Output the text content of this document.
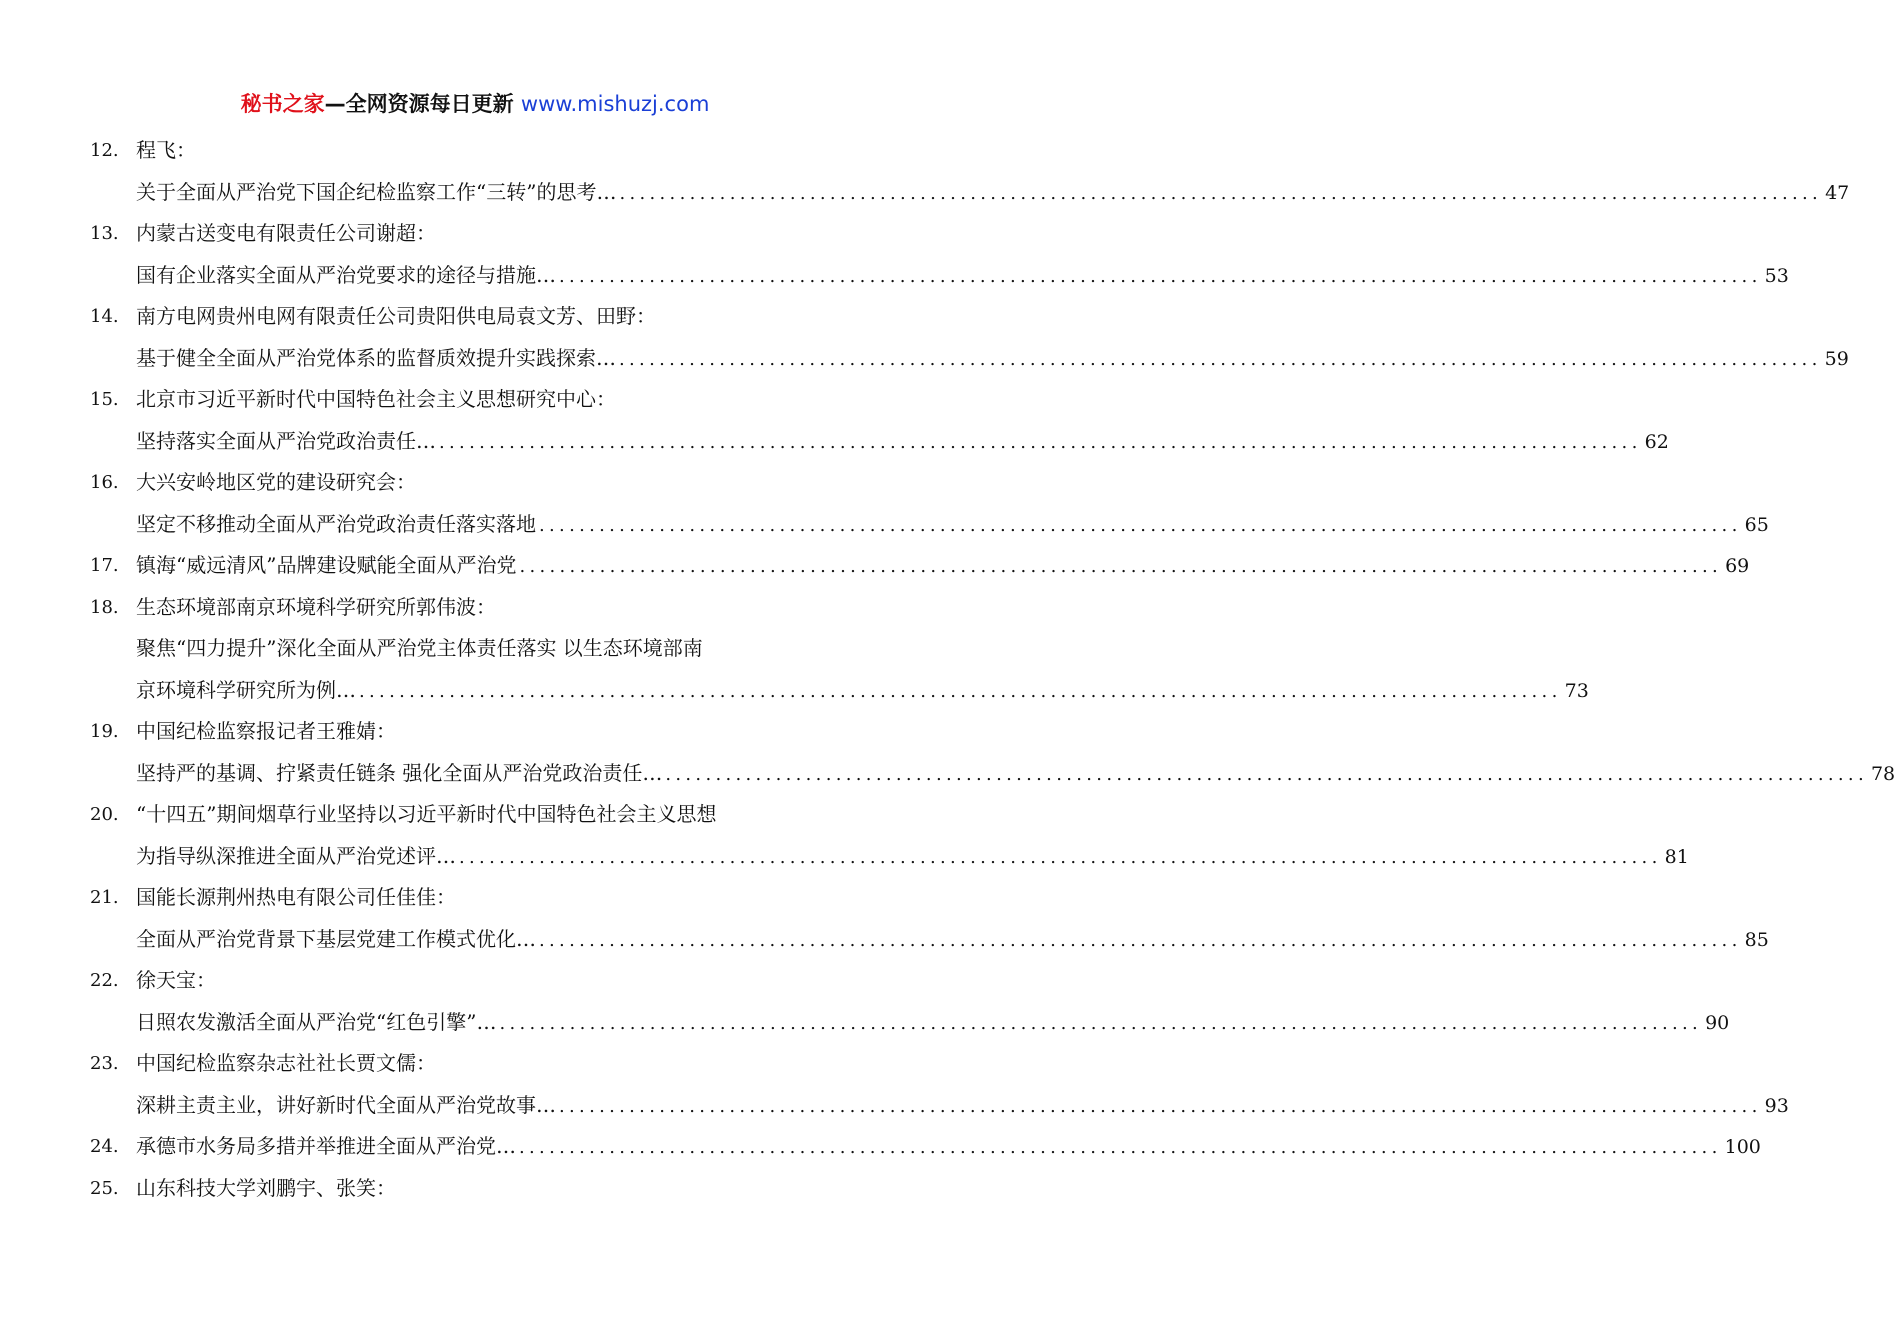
秘书之家—全网资源每日更新 www.mishuzj.com
12. 程飞：
关于全面从严治党下国企纪检监察工作“三转”的思考… ........................................................................................................................ 47
13. 内蒙古送变电有限责任公司谢超：
国有企业落实全面从严治党要求的途径与措施… ........................................................................................................................ 53
14. 南方电网贵州电网有限责任公司贵阳供电局袁文芳、田野：
基于健全全面从严治党体系的监督质效提升实践探索… ........................................................................................................................ 59
15. 北京市习近平新时代中国特色社会主义思想研究中心：
坚持落实全面从严治党政治责任… ........................................................................................................................ 62
16. 大兴安岭地区党的建设研究会：
坚定不移推动全面从严治党政治责任落实落地 ........................................................................................................................ 65
17. 镇海“威远清风”品牌建设赋能全面从严治党 ........................................................................................................................ 69
18. 生态环境部南京环境科学研究所郭伟波：
聚焦“四力提升”深化全面从严治党主体责任落实 以生态环境部南
京环境科学研究所为例… ........................................................................................................................ 73
19. 中国纪检监察报记者王雅婧：
坚持严的基调、拧紧责任链条 强化全面从严治党政治责任… ........................................................................................................................ 78
20. “十四五”期间烟草行业坚持以习近平新时代中国特色社会主义思想
为指导纵深推进全面从严治党述评… ........................................................................................................................ 81
21. 国能长源荆州热电有限公司任佳佳：
全面从严治党背景下基层党建工作模式优化… ........................................................................................................................ 85
22. 徐天宝：
日照农发激活全面从严治党“红色引擎”… ........................................................................................................................ 90
23. 中国纪检监察杂志社社长贾文儒：
深耕主责主业，讲好新时代全面从严治党故事… ........................................................................................................................ 93
24. 承德市水务局多措并举推进全面从严治党… ........................................................................................................................ 100
25. 山东科技大学刘鹏宇、张笑：
